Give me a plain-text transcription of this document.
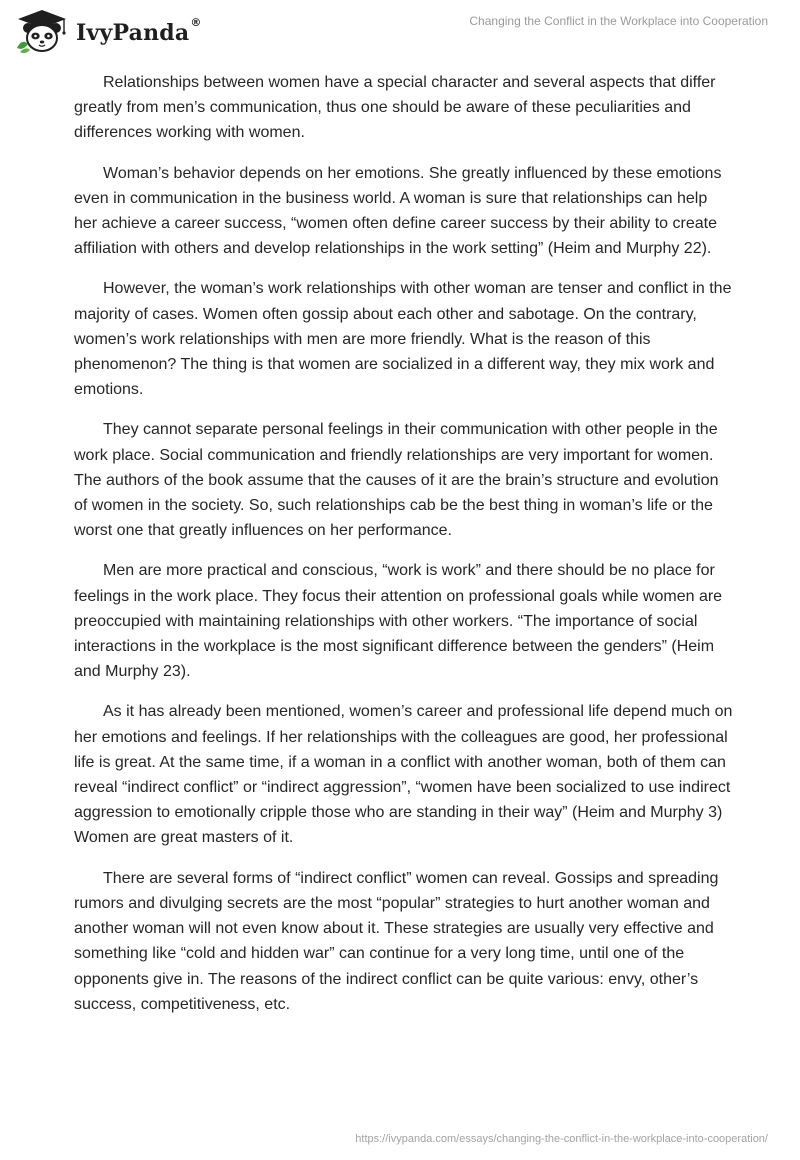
IvyPanda®	Changing the Conflict in the Workplace into Cooperation

Relationships between women have a special character and several aspects that differ greatly from men’s communication, thus one should be aware of these peculiarities and differences working with women.

Woman’s behavior depends on her emotions. She greatly influenced by these emotions even in communication in the business world. A woman is sure that relationships can help her achieve a career success, “women often define career success by their ability to create affiliation with others and develop relationships in the work setting” (Heim and Murphy 22).

However, the woman’s work relationships with other woman are tenser and conflict in the majority of cases. Women often gossip about each other and sabotage. On the contrary, women’s work relationships with men are more friendly. What is the reason of this phenomenon? The thing is that women are socialized in a different way, they mix work and emotions.

They cannot separate personal feelings in their communication with other people in the work place. Social communication and friendly relationships are very important for women. The authors of the book assume that the causes of it are the brain’s structure and evolution of women in the society. So, such relationships cab be the best thing in woman’s life or the worst one that greatly influences on her performance.

Men are more practical and conscious, “work is work” and there should be no place for feelings in the work place. They focus their attention on professional goals while women are preoccupied with maintaining relationships with other workers. “The importance of social interactions in the workplace is the most significant difference between the genders” (Heim and Murphy 23).

As it has already been mentioned, women’s career and professional life depend much on her emotions and feelings. If her relationships with the colleagues are good, her professional life is great. At the same time, if a woman in a conflict with another woman, both of them can reveal “indirect conflict” or “indirect aggression”, “women have been socialized to use indirect aggression to emotionally cripple those who are standing in their way” (Heim and Murphy 3) Women are great masters of it.

There are several forms of “indirect conflict” women can reveal. Gossips and spreading rumors and divulging secrets are the most “popular” strategies to hurt another woman and another woman will not even know about it. These strategies are usually very effective and something like “cold and hidden war” can continue for a very long time, until one of the opponents give in. The reasons of the indirect conflict can be quite various: envy, other’s success, competitiveness, etc.

https://ivypanda.com/essays/changing-the-conflict-in-the-workplace-into-cooperation/
